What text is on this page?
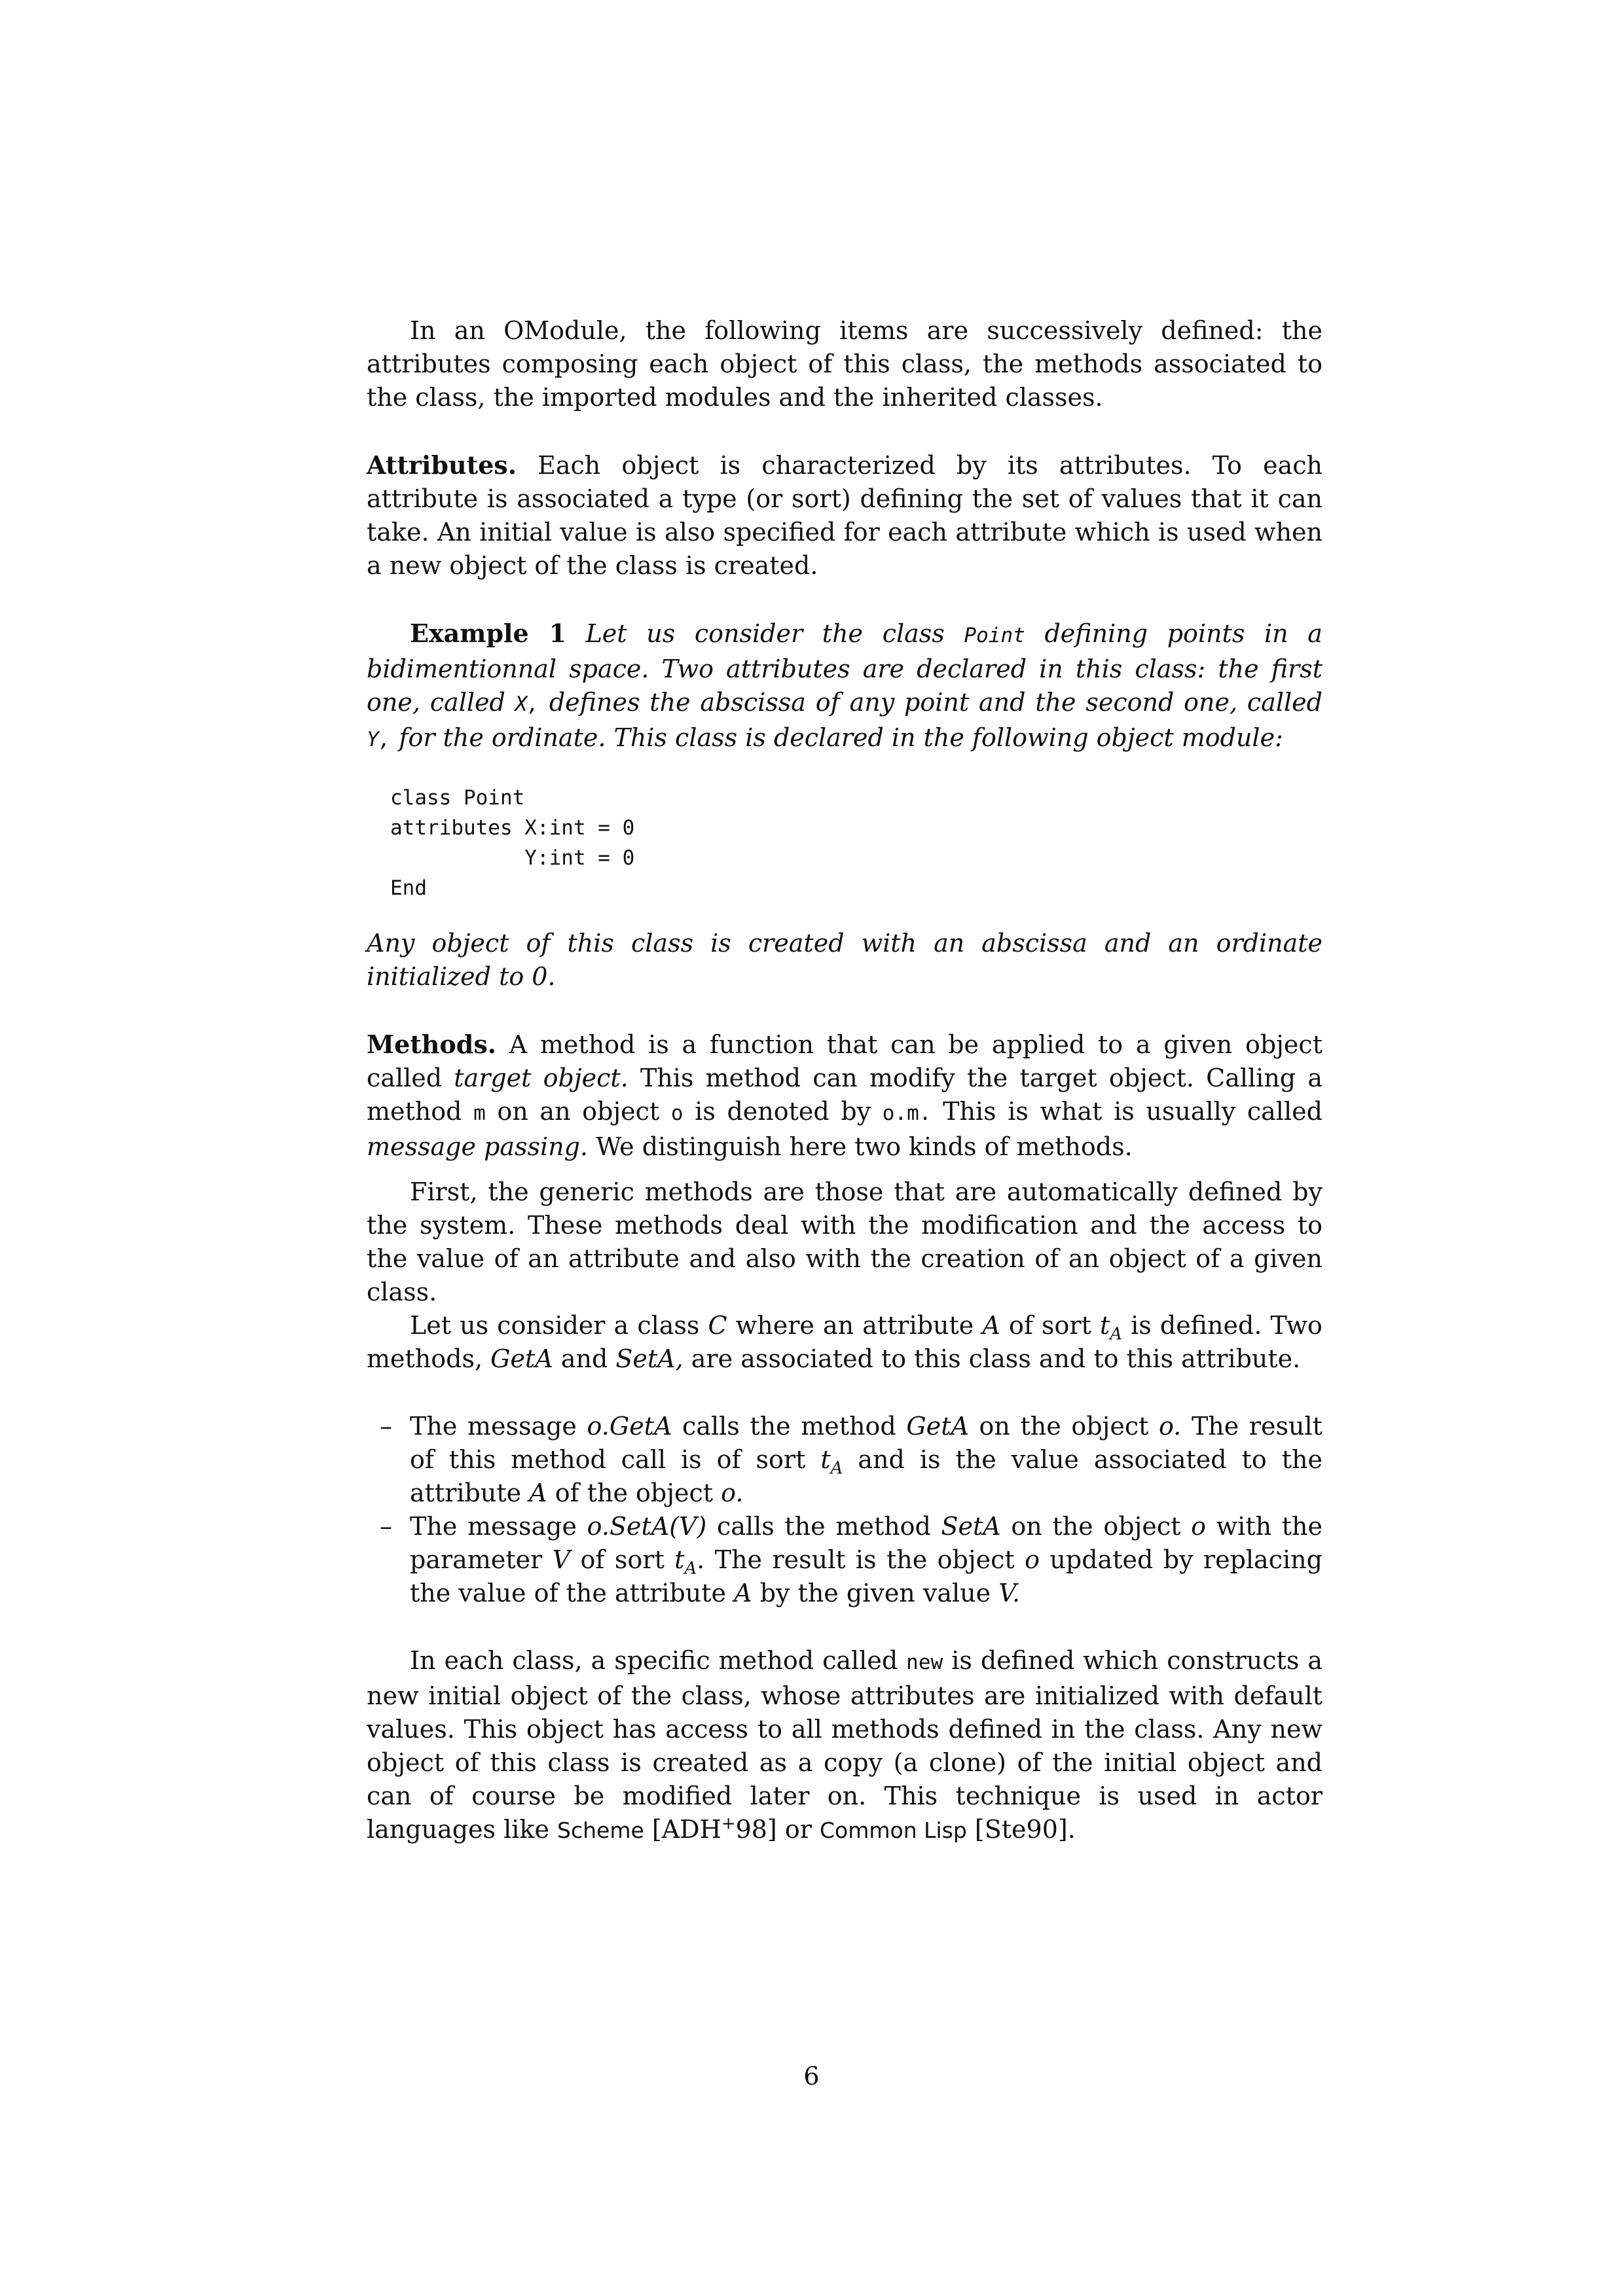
In an OModule, the following items are successively defined: the attributes composing each object of this class, the methods associated to the class, the imported modules and the inherited classes.

Attributes. Each object is characterized by its attributes. To each attribute is associated a type (or sort) defining the set of values that it can take. An initial value is also specified for each attribute which is used when a new object of the class is created.

Example 1 Let us consider the class Point defining points in a bidimentionnal space. Two attributes are declared in this class: the first one, called X, defines the abscissa of any point and the second one, called Y, for the ordinate. This class is declared in the following object module:

class Point
attributes X:int = 0
Y:int = 0
End

Any object of this class is created with an abscissa and an ordinate initialized to 0.

Methods. A method is a function that can be applied to a given object called target object. This method can modify the target object. Calling a method m on an object o is denoted by o.m. This is what is usually called message passing. We distinguish here two kinds of methods.

First, the generic methods are those that are automatically defined by the system. These methods deal with the modification and the access to the value of an attribute and also with the creation of an object of a given class.

Let us consider a class C where an attribute A of sort $t_A$ is defined. Two methods, GetA and SetA, are associated to this class and to this attribute.

– The message o.GetA calls the method GetA on the object o. The result of this method call is of sort $t_A$ and is the value associated to the attribute A of the object o.
– The message o.SetA(V) calls the method SetA on the object o with the parameter V of sort $t_A$. The result is the object o updated by replacing the value of the attribute A by the given value V.

In each class, a specific method called new is defined which constructs a new initial object of the class, whose attributes are initialized with default values. This object has access to all methods defined in the class. Any new object of this class is created as a copy (a clone) of the initial object and can of course be modified later on. This technique is used in actor languages like Scheme [ADH+98] or Common Lisp [Ste90].

6
